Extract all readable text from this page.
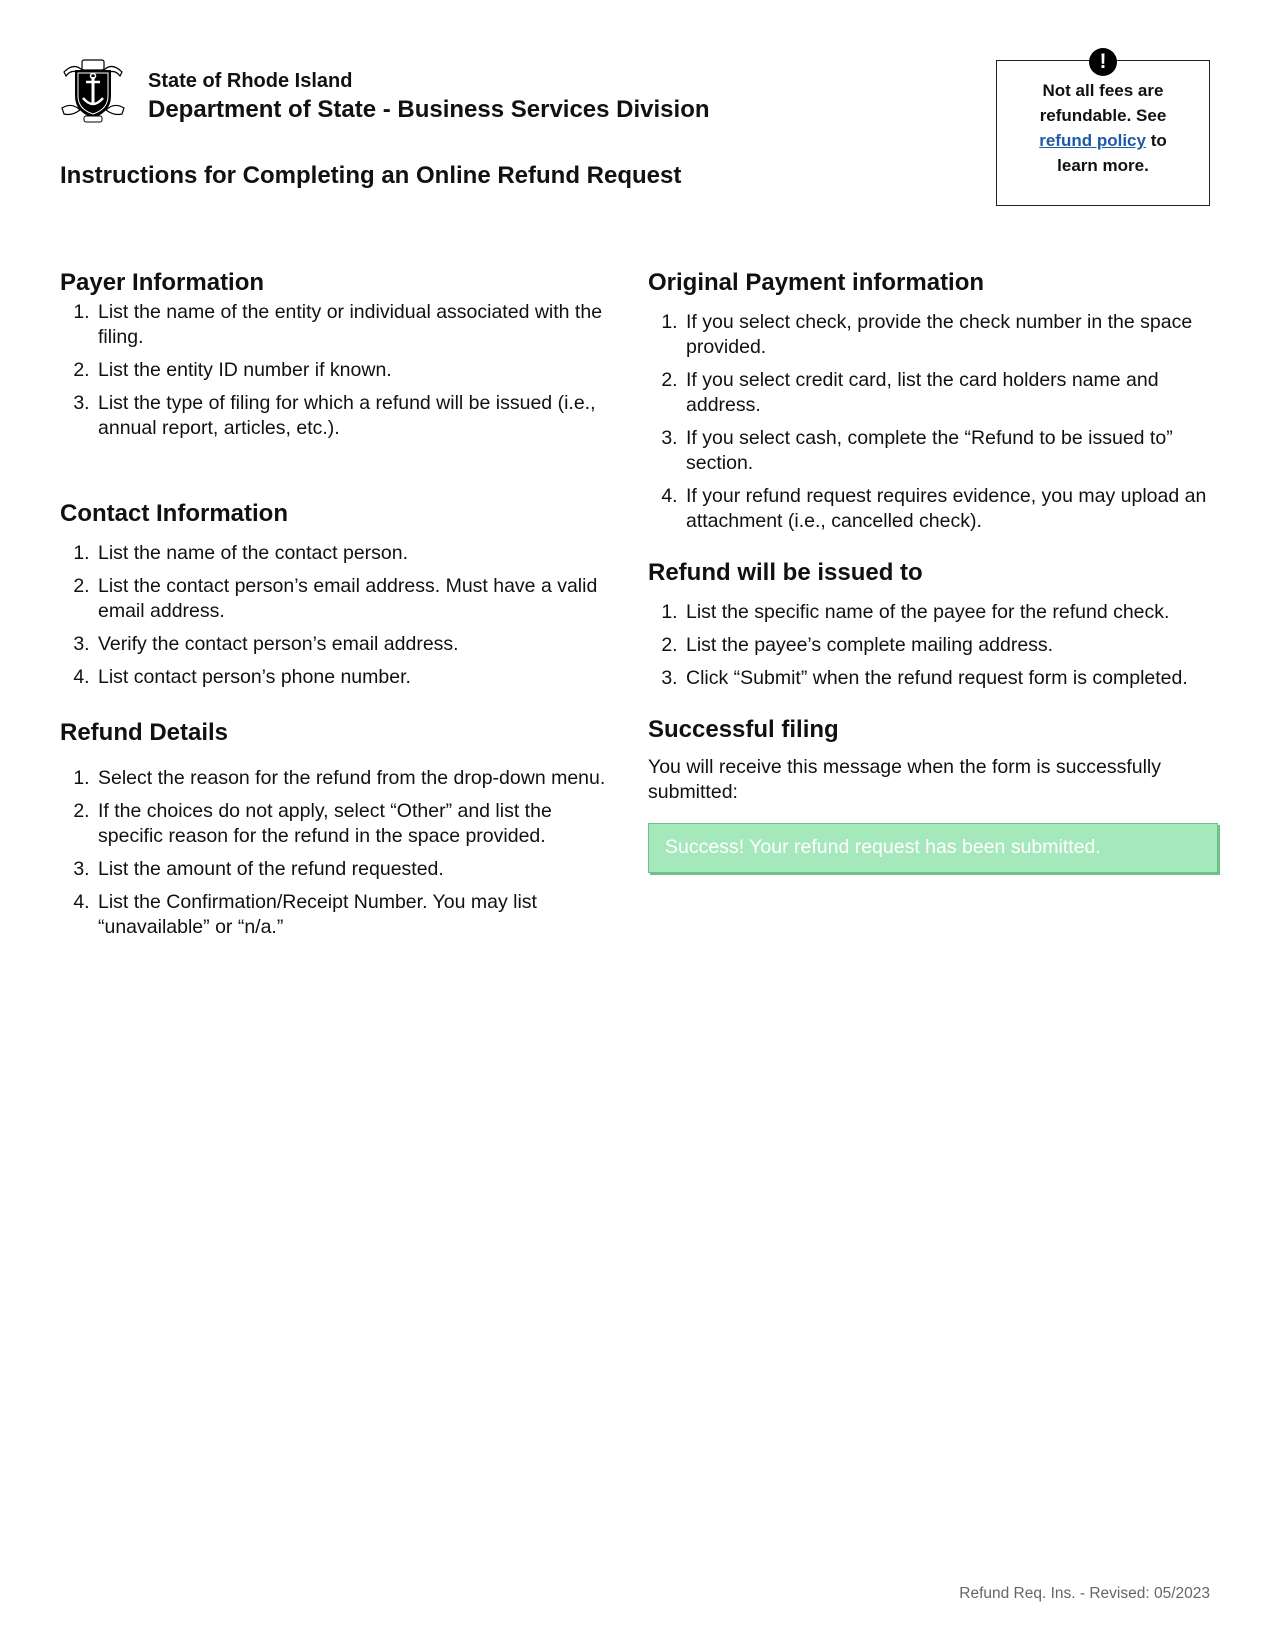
State of Rhode Island
Department of State - Business Services Division
Instructions for Completing an Online Refund Request
!
Not all fees are
refundable. See
refund policy to
learn more.
Payer Information
1. List the name of the entity or individual associated with the filing.
2. List the entity ID number if known.
3. List the type of filing for which a refund will be issued (i.e., annual report, articles, etc.).
Contact Information
1. List the name of the contact person.
2. List the contact person’s email address. Must have a valid email address.
3. Verify the contact person’s email address.
4. List contact person’s phone number.
Refund Details
1. Select the reason for the refund from the drop-down menu.
2. If the choices do not apply, select “Other” and list the specific reason for the refund in the space provided.
3. List the amount of the refund requested.
4. List the Confirmation/Receipt Number. You may list “unavailable” or “n/a.”
Original Payment information
1. If you select check, provide the check number in the space provided.
2. If you select credit card, list the card holders name and address.
3. If you select cash, complete the “Refund to be issued to” section.
4. If your refund request requires evidence, you may upload an attachment (i.e., cancelled check).
Refund will be issued to
1. List the specific name of the payee for the refund check.
2. List the payee’s complete mailing address.
3. Click “Submit” when the refund request form is completed.
Successful filing

You will receive this message when the form is successfully submitted:

Success! Your refund request has been submitted.
Refund Req. Ins. - Revised: 05/2023
